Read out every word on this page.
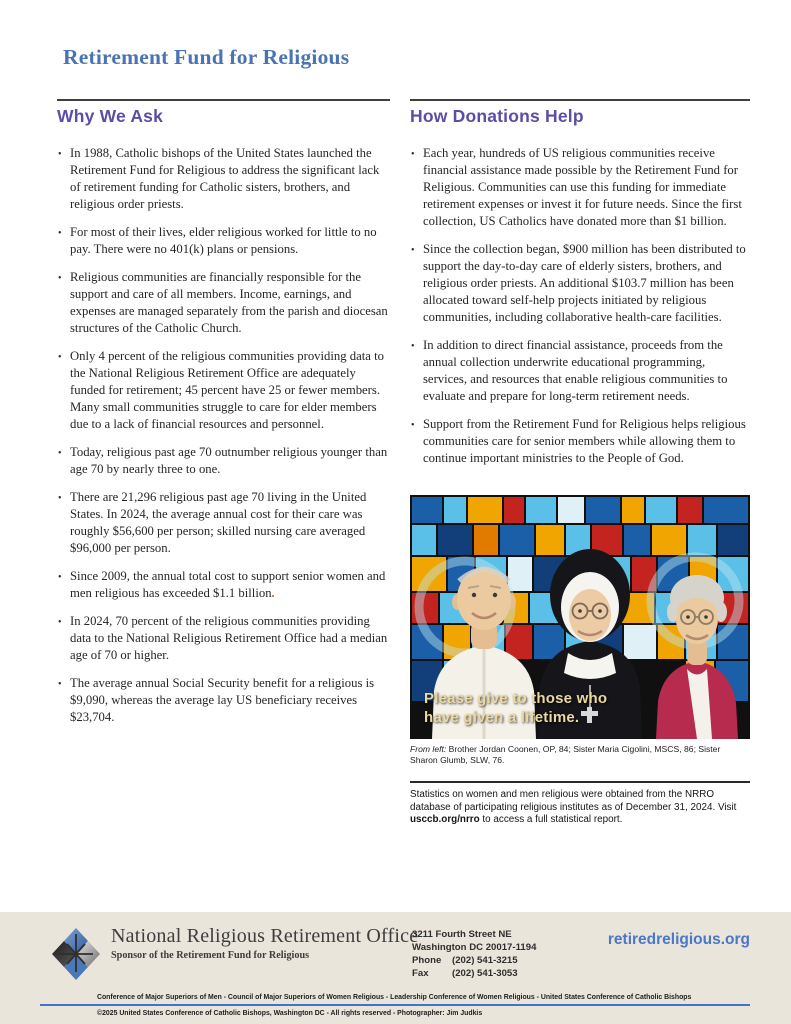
Retirement Fund for Religious
Why We Ask
• In 1988, Catholic bishops of the United States launched the Retirement Fund for Religious to address the significant lack of retirement funding for Catholic sisters, brothers, and religious order priests.
• For most of their lives, elder religious worked for little to no pay. There were no 401(k) plans or pensions.
• Religious communities are financially responsible for the support and care of all members. Income, earnings, and expenses are managed separately from the parish and diocesan structures of the Catholic Church.
• Only 4 percent of the religious communities providing data to the National Religious Retirement Office are adequately funded for retirement; 45 percent have 25 or fewer members. Many small communities struggle to care for elder members due to a lack of financial resources and personnel.
• Today, religious past age 70 outnumber religious younger than age 70 by nearly three to one.
• There are 21,296 religious past age 70 living in the United States. In 2024, the average annual cost for their care was roughly $56,600 per person; skilled nursing care averaged $96,000 per person.
• Since 2009, the annual total cost to support senior women and men religious has exceeded $1.1 billion.
• In 2024, 70 percent of the religious communities providing data to the National Religious Retirement Office had a median age of 70 or higher.
• The average annual Social Security benefit for a religious is $9,090, whereas the average lay US beneficiary receives $23,704.
How Donations Help
• Each year, hundreds of US religious communities receive financial assistance made possible by the Retirement Fund for Religious. Communities can use this funding for immediate retirement expenses or invest it for future needs. Since the first collection, US Catholics have donated more than $1 billion.
• Since the collection began, $900 million has been distributed to support the day-to-day care of elderly sisters, brothers, and religious order priests. An additional $103.7 million has been allocated toward self-help projects initiated by religious communities, including collaborative health-care facilities.
• In addition to direct financial assistance, proceeds from the annual collection underwrite educational programming, services, and resources that enable religious communities to evaluate and prepare for long-term retirement needs.
• Support from the Retirement Fund for Religious helps religious communities care for senior members while allowing them to continue important ministries to the People of God.
Please give to those who
have given a lifetime.

From left: Brother Jordan Coonen, OP, 84; Sister Maria Cigolini, MSCS, 86; Sister Sharon Glumb, SLW, 76.

Statistics on women and men religious were obtained from the NRRO database of participating religious institutes as of December 31, 2024. Visit usccb.org/nrro to access a full statistical report.

National Religious Retirement Office
Sponsor of the Retirement Fund for Religious
3211 Fourth Street NE
Washington DC 20017-1194
Phone	(202) 541-3215
Fax	(202) 541-3053
retiredreligious.org
Conference of Major Superiors of Men - Council of Major Superiors of Women Religious - Leadership Conference of Women Religious - United States Conference of Catholic Bishops
©2025 United States Conference of Catholic Bishops, Washington DC - All rights reserved - Photographer: Jim Judkis
